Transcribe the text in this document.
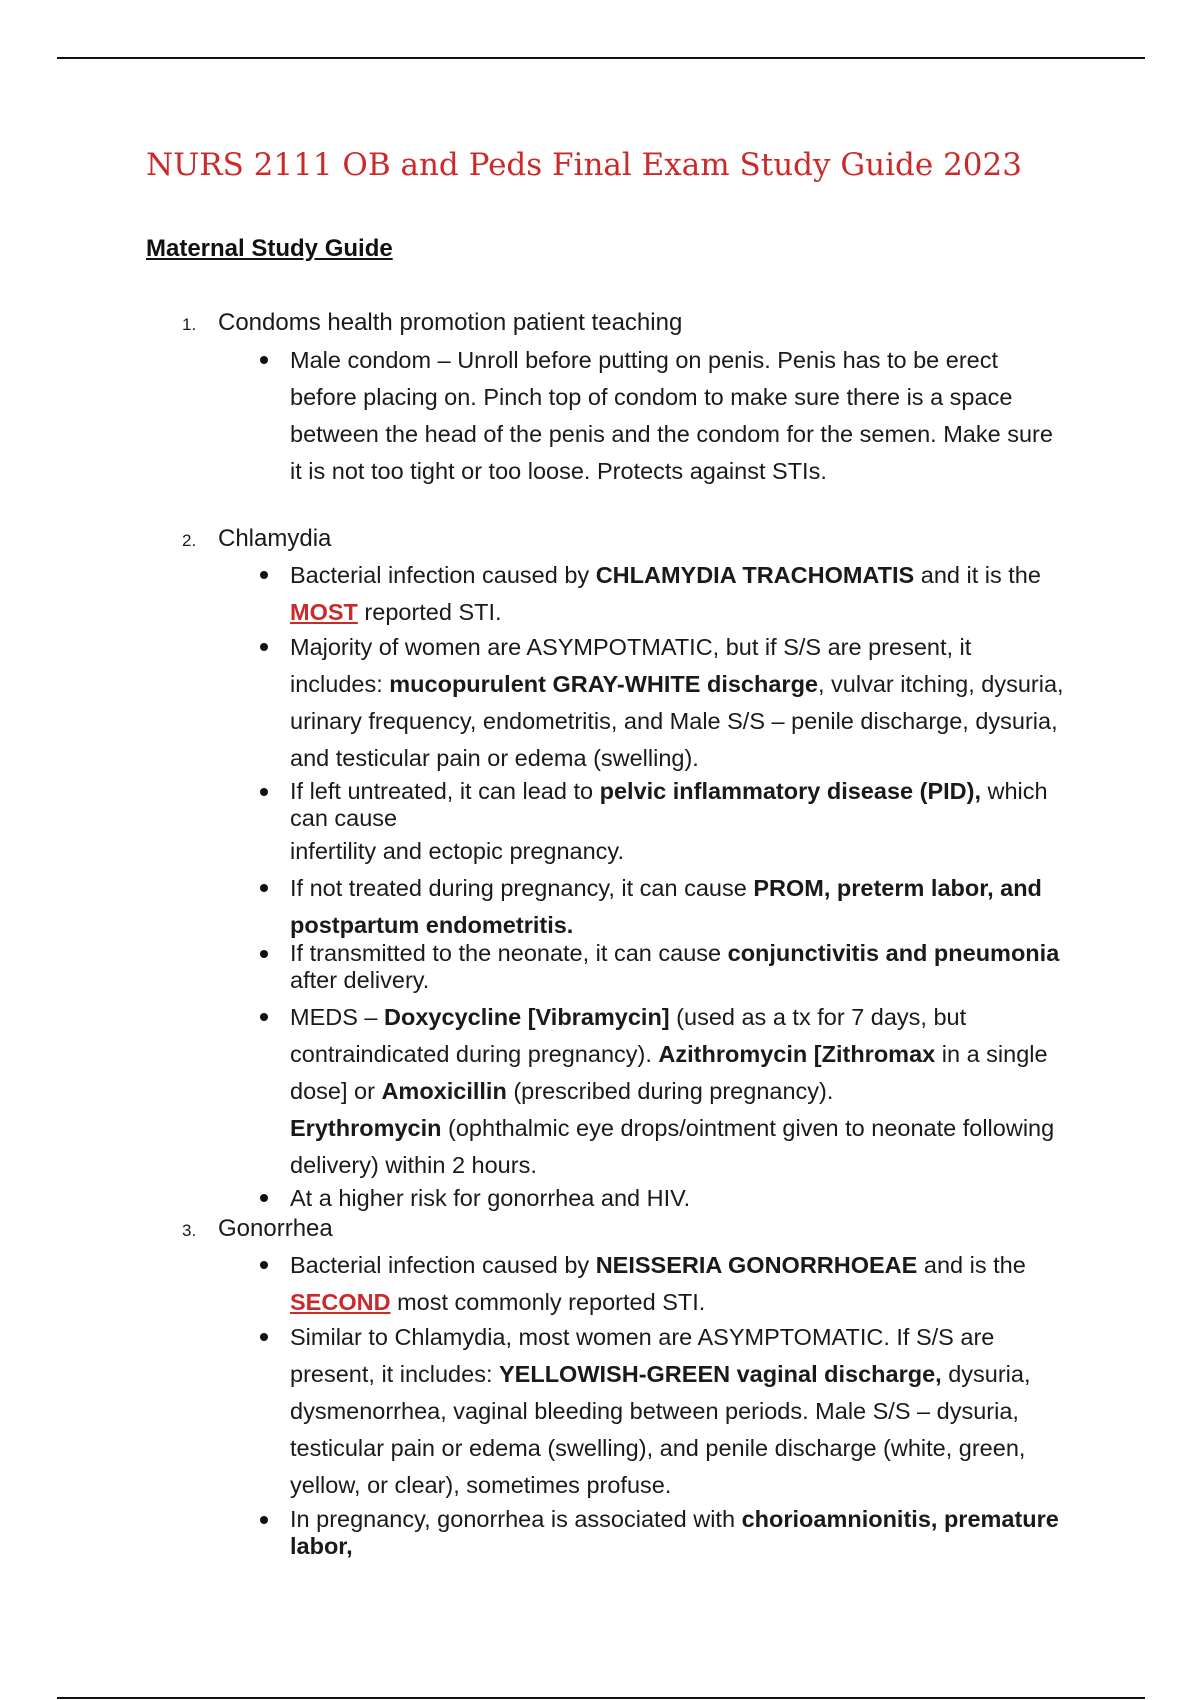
NURS 2111 OB and Peds Final Exam Study Guide 2023
Maternal Study Guide
1. Condoms health promotion patient teaching
Male condom – Unroll before putting on penis. Penis has to be erect before placing on. Pinch top of condom to make sure there is a space between the head of the penis and the condom for the semen. Make sure it is not too tight or too loose. Protects against STIs.
2. Chlamydia
Bacterial infection caused by CHLAMYDIA TRACHOMATIS and it is the MOST reported STI.
Majority of women are ASYMPOTMATIC, but if S/S are present, it includes: mucopurulent GRAY-WHITE discharge, vulvar itching, dysuria, urinary frequency, endometritis, and Male S/S – penile discharge, dysuria, and testicular pain or edema (swelling).
If left untreated, it can lead to pelvic inflammatory disease (PID), which can cause
infertility and ectopic pregnancy.
If not treated during pregnancy, it can cause PROM, preterm labor, and postpartum endometritis.
If transmitted to the neonate, it can cause conjunctivitis and pneumonia after delivery.
MEDS – Doxycycline [Vibramycin] (used as a tx for 7 days, but contraindicated during pregnancy). Azithromycin [Zithromax in a single dose] or Amoxicillin (prescribed during pregnancy).
Erythromycin (ophthalmic eye drops/ointment given to neonate following delivery) within 2 hours.
At a higher risk for gonorrhea and HIV.
3. Gonorrhea
Bacterial infection caused by NEISSERIA GONORRHOEAE and is the SECOND most commonly reported STI.
Similar to Chlamydia, most women are ASYMPTOMATIC. If S/S are present, it includes: YELLOWISH-GREEN vaginal discharge, dysuria, dysmenorrhea, vaginal bleeding between periods. Male S/S – dysuria, testicular pain or edema (swelling), and penile discharge (white, green, yellow, or clear), sometimes profuse.
In pregnancy, gonorrhea is associated with chorioamnionitis, premature labor,
